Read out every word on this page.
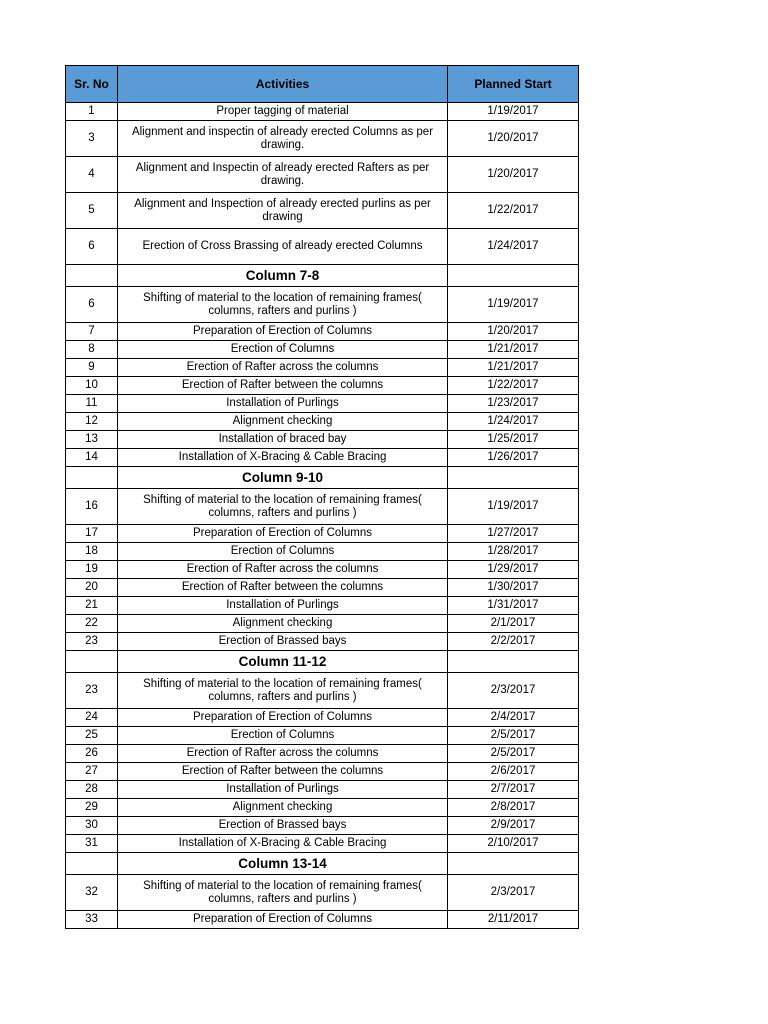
Sr. No	Activities	Planned Start
1	Proper tagging of material	1/19/2017
3	Alignment and inspectin of already erected Columns as per drawing.	1/20/2017
4	Alignment and Inspectin of already erected Rafters as per drawing.	1/20/2017
5	Alignment and Inspection of already erected purlins as per drawing	1/22/2017
6	Erection of Cross Brassing of already erected Columns	1/24/2017
	Column 7-8	
6	Shifting of material to the location of remaining frames( columns, rafters and purlins )	1/19/2017
7	Preparation of Erection of Columns	1/20/2017
8	Erection of Columns	1/21/2017
9	Erection of Rafter across the columns	1/21/2017
10	Erection of Rafter between the columns	1/22/2017
11	Installation of Purlings	1/23/2017
12	Alignment checking	1/24/2017
13	Installation of braced bay	1/25/2017
14	Installation of X-Bracing & Cable Bracing	1/26/2017
	Column 9-10	
16	Shifting of material to the location of remaining frames( columns, rafters and purlins )	1/19/2017
17	Preparation of Erection of Columns	1/27/2017
18	Erection of Columns	1/28/2017
19	Erection of Rafter across the columns	1/29/2017
20	Erection of Rafter between the columns	1/30/2017
21	Installation of Purlings	1/31/2017
22	Alignment checking	2/1/2017
23	Erection of Brassed bays	2/2/2017
	Column 11-12	
23	Shifting of material to the location of remaining frames( columns, rafters and purlins )	2/3/2017
24	Preparation of Erection of Columns	2/4/2017
25	Erection of Columns	2/5/2017
26	Erection of Rafter across the columns	2/5/2017
27	Erection of Rafter between the columns	2/6/2017
28	Installation of Purlings	2/7/2017
29	Alignment checking	2/8/2017
30	Erection of Brassed bays	2/9/2017
31	Installation of X-Bracing & Cable Bracing	2/10/2017
	Column 13-14	
32	Shifting of material to the location of remaining frames( columns, rafters and purlins )	2/3/2017
33	Preparation of Erection of Columns	2/11/2017
